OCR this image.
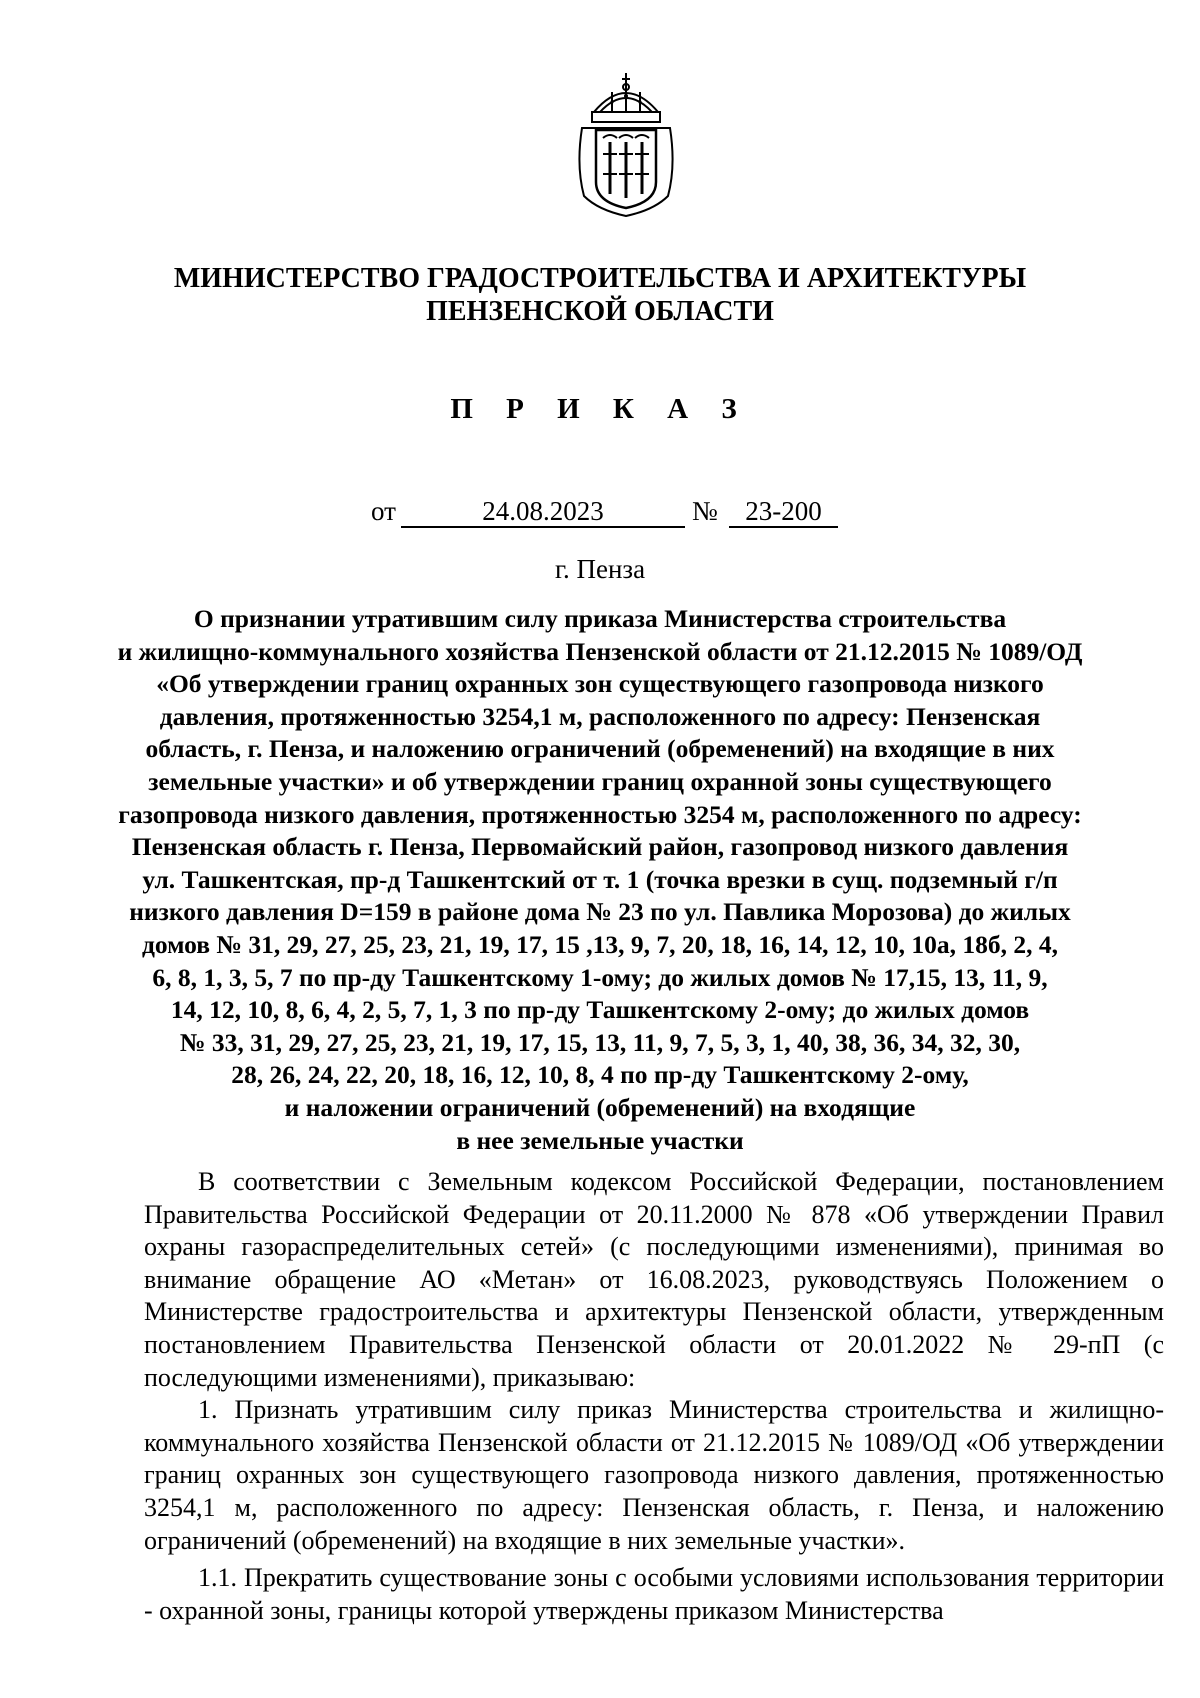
МИНИСТЕРСТВО ГРАДОСТРОИТЕЛЬСТВА И АРХИТЕКТУРЫ
ПЕНЗЕНСКОЙ ОБЛАСТИ
П Р И К А З
от	24.08.2023	№	23-200
г. Пенза
О признании утратившим силу приказа Министерства строительства
и жилищно-коммунального хозяйства Пензенской области от 21.12.2015 № 1089/ОД
«Об утверждении границ охранных зон существующего газопровода низкого
давления, протяженностью 3254,1 м, расположенного по адресу: Пензенская
область, г. Пенза, и наложению ограничений (обременений) на входящие в них
земельные участки» и об утверждении границ охранной зоны существующего
газопровода низкого давления, протяженностью 3254 м, расположенного по адресу:
Пензенская область г. Пенза, Первомайский район, газопровод низкого давления
ул. Ташкентская, пр-д Ташкентский от т. 1 (точка врезки в сущ. подземный г/п
низкого давления D=159 в районе дома № 23 по ул. Павлика Морозова) до жилых
домов № 31, 29, 27, 25, 23, 21, 19, 17, 15 ,13, 9, 7, 20, 18, 16, 14, 12, 10, 10а, 18б, 2, 4,
6, 8, 1, 3, 5, 7 по пр-ду Ташкентскому 1-ому; до жилых домов № 17,15, 13, 11, 9,
14, 12, 10, 8, 6, 4, 2, 5, 7, 1, 3 по пр-ду Ташкентскому 2-ому; до жилых домов
№ 33, 31, 29, 27, 25, 23, 21, 19, 17, 15, 13, 11, 9, 7, 5, 3, 1, 40, 38, 36, 34, 32, 30,
28, 26, 24, 22, 20, 18, 16, 12, 10, 8, 4 по пр-ду Ташкентскому 2-ому,
и наложении ограничений (обременений) на входящие
в нее земельные участки

В соответствии с Земельным кодексом Российской Федерации, постановлением Правительства Российской Федерации от 20.11.2000 № 878 «Об утверждении Правил охраны газораспределительных сетей» (с последующими изменениями), принимая во внимание обращение АО «Метан» от 16.08.2023, руководствуясь Положением о Министерстве градостроительства и архитектуры Пензенской области, утвержденным постановлением Правительства Пензенской области от 20.01.2022 № 29-пП (с последующими изменениями), приказываю:

1. Признать утратившим силу приказ Министерства строительства и жилищно-коммунального хозяйства Пензенской области от 21.12.2015 № 1089/ОД «Об утверждении границ охранных зон существующего газопровода низкого давления, протяженностью 3254,1 м, расположенного по адресу: Пензенская область, г. Пенза, и наложению ограничений (обременений) на входящие в них земельные участки».

1.1. Прекратить существование зоны с особыми условиями использования территории - охранной зоны, границы которой утверждены приказом Министерства
